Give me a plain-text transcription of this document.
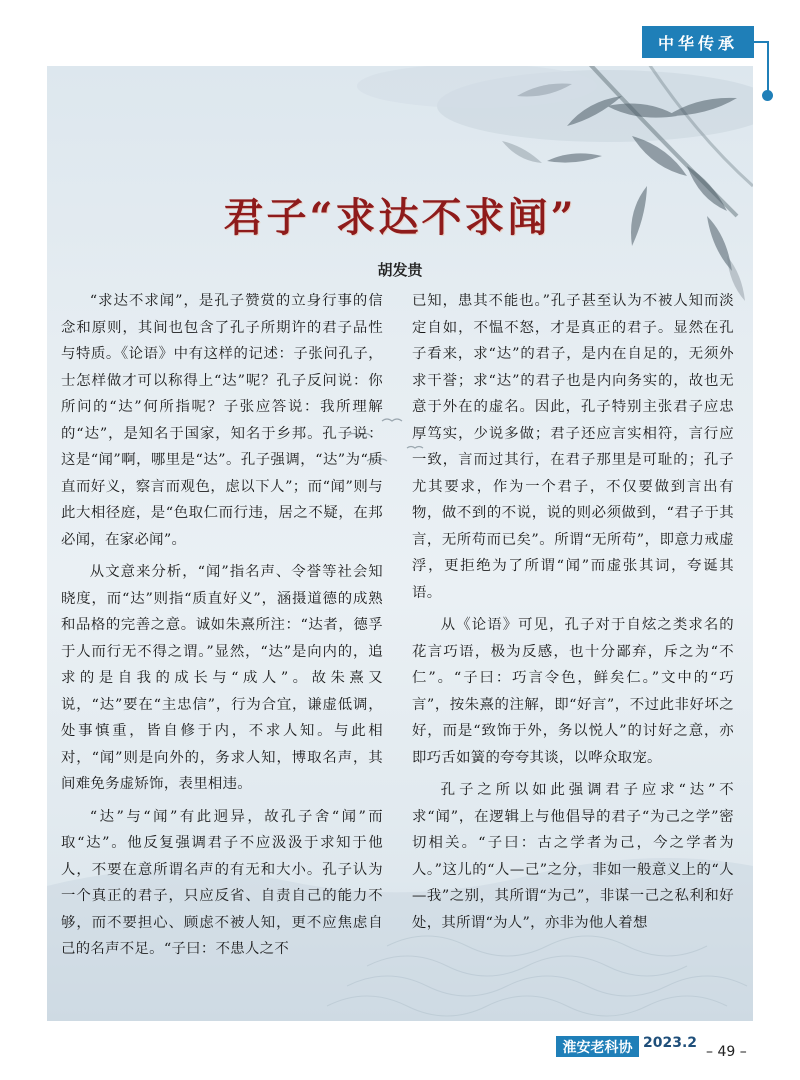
中华传承
君子“求达不求闻”
胡发贵

“求达不求闻”，是孔子赞赏的立身行事的信念和原则，其间也包含了孔子所期许的君子品性与特质。《论语》中有这样的记述：子张问孔子，士怎样做才可以称得上“达”呢？孔子反问说：你所问的“达”何所指呢？子张应答说：我所理解的“达”，是知名于国家，知名于乡邦。孔子说：这是“闻”啊，哪里是“达”。孔子强调，“达”为“质直而好义，察言而观色，虑以下人”；而“闻”则与此大相径庭，是“色取仁而行违，居之不疑，在邦必闻，在家必闻”。

从文意来分析，“闻”指名声、令誉等社会知晓度，而“达”则指“质直好义”，涵摄道德的成熟和品格的完善之意。诚如朱熹所注：“达者，德孚于人而行无不得之谓。”显然，“达”是向内的，追求的是自我的成长与“成人”。故朱熹又说，“达”要在“主忠信”，行为合宜，谦虚低调，处事慎重，皆自修于内，不求人知。与此相对，“闻”则是向外的，务求人知，博取名声，其间难免务虚矫饰，表里相违。

“达”与“闻”有此迥异，故孔子舍“闻”而取“达”。他反复强调君子不应汲汲于求知于他人，不要在意所谓名声的有无和大小。孔子认为一个真正的君子，只应反省、自责自己的能力不够，而不要担心、顾虑不被人知，更不应焦虑自己的名声不足。“子曰：不患人之不

已知，患其不能也。”孔子甚至认为不被人知而淡定自如，不愠不怒，才是真正的君子。显然在孔子看来，求“达”的君子，是内在自足的，无须外求干誉；求“达”的君子也是内向务实的，故也无意于外在的虚名。因此，孔子特别主张君子应忠厚笃实，少说多做；君子还应言实相符，言行应一致，言而过其行，在君子那里是可耻的；孔子尤其要求，作为一个君子，不仅要做到言出有物，做不到的不说，说的则必须做到，“君子于其言，无所苟而已矣”。所谓“无所苟”，即意力戒虚浮，更拒绝为了所谓“闻”而虚张其词，夸诞其语。

从《论语》可见，孔子对于自炫之类求名的花言巧语，极为反感，也十分鄙弃，斥之为“不仁”。“子曰：巧言令色，鲜矣仁。”文中的“巧言”，按朱熹的注解，即“好言”，不过此非好坏之好，而是“致饰于外，务以悦人”的讨好之意，亦即巧舌如簧的夸夸其谈，以哗众取宠。

孔子之所以如此强调君子应求“达”不求“闻”，在逻辑上与他倡导的君子“为己之学”密切相关。“子曰：古之学者为己，今之学者为人。”这儿的“人—己”之分，非如一般意义上的“人—我”之别，其所谓“为己”，非谋一己之私利和好处，其所谓“为人”，亦非为他人着想

淮安老科协 2023.2
– 49 –
